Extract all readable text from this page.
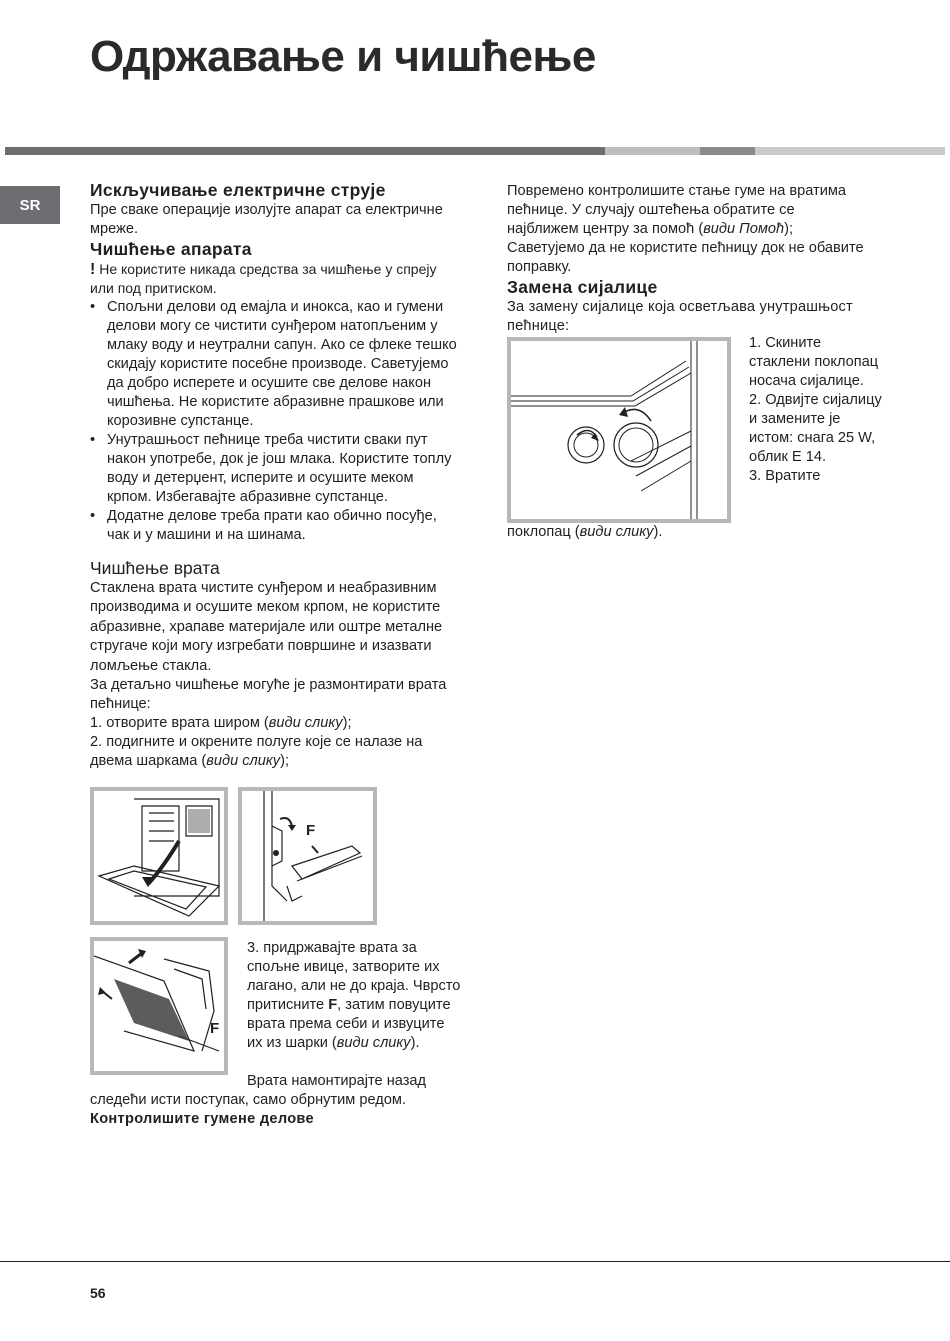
Одржавање и чишћење
SR
Искључивање електричне струје

Пре сваке операције изолујте апарат са електричне мреже.

Чишћење апарата

! Не користите никада средства за чишћење у спреју или под притиском.

• Спољни делови од емајла и инокса, као и гумени делови могу се чистити сунђером натопљеним у млаку воду и неутрални сапун. Ако се флеке тешко скидају користите посебне производе. Саветујемо да добро исперете и осушите све делове након чишћења. Не користите абразивне прашкове или корозивне супстанце.
• Унутрашњост пећнице треба чистити сваки пут након употребе, док је још млака. Користите топлу воду и детерџент, исперите и осушите меком крпом. Избегавајте абразивне супстанце.
• Додатне делове треба прати као обично посуђе, чак и у машини и на шинама.
Чишћење врата

Стаклена врата чистите сунђером и неабразивним производима и осушите меком крпом, не користите абразивне, храпаве материјале или оштре металне стругаче који могу изгребати површине и изазвати ломљење стакла.

За детаљно чишћење могуће је размонтирати врата пећнице:

1. отворите врата широм (види слику);

2. подигните и окрените полуге које се налазе на двема шаркама (види слику);

F
F

3. придржавајте врата за спољне ивице, затворите их лагано, али не до краја. Чврсто притисните F, затим повуците врата према себи и извуците их из шарки (види слику).

Врата намонтирајте назад следећи исти поступак, само обрнутим редом.

Контролишите гумене делове

Повремено контролишите стање гуме на вратима пећнице. У случају оштећења обратите се најближем центру за помоћ (види Помоћ); Саветујемо да не користите пећницу док не обавите поправку.

Замена сијалице

За замену сијалице која осветљава унутрашњост пећнице:

1. Скините стаклени поклопац носача сијалице.

2. Одвијте сијалицу и замените је истом: снага 25 W, облик E 14.

3. Вратите

поклопац (види слику).

56
